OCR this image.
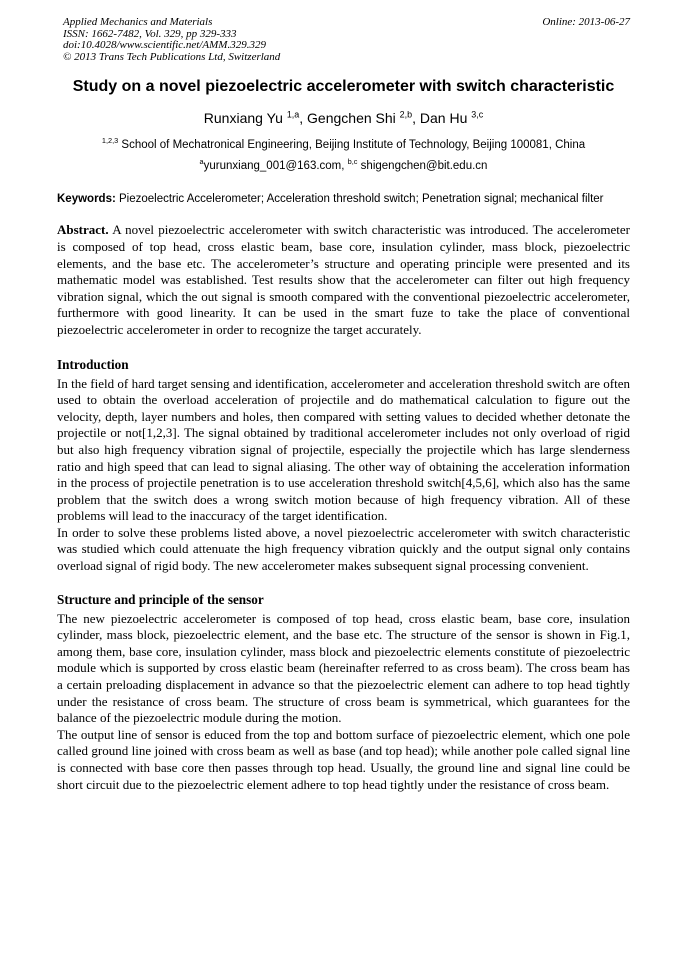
Applied Mechanics and Materials
ISSN: 1662-7482, Vol. 329, pp 329-333
doi:10.4028/www.scientific.net/AMM.329.329
© 2013 Trans Tech Publications Ltd, Switzerland
Online: 2013-06-27
Study on a novel piezoelectric accelerometer with switch characteristic
Runxiang Yu $^{1,a}$, Gengchen Shi $^{2,b}$, Dan Hu $^{3,c}$
$^{1,2,3}$ School of Mechatronical Engineering, Beijing Institute of Technology, Beijing 100081, China
$^a$yurunxiang_001@163.com, $^{b,c}$ shigengchen@bit.edu.cn

Keywords: Piezoelectric Accelerometer; Acceleration threshold switch; Penetration signal; mechanical filter

Abstract. A novel piezoelectric accelerometer with switch characteristic was introduced. The accelerometer is composed of top head, cross elastic beam, base core, insulation cylinder, mass block, piezoelectric elements, and the base etc. The accelerometer’s structure and operating principle were presented and its mathematic model was established. Test results show that the accelerometer can filter out high frequency vibration signal, which the out signal is smooth compared with the conventional piezoelectric accelerometer, furthermore with good linearity. It can be used in the smart fuze to take the place of conventional piezoelectric accelerometer in order to recognize the target accurately.

Introduction

In the field of hard target sensing and identification, accelerometer and acceleration threshold switch are often used to obtain the overload acceleration of projectile and do mathematical calculation to figure out the velocity, depth, layer numbers and holes, then compared with setting values to decided whether detonate the projectile or not[1,2,3]. The signal obtained by traditional accelerometer includes not only overload of rigid but also high frequency vibration signal of projectile, especially the projectile which has large slenderness ratio and high speed that can lead to signal aliasing. The other way of obtaining the acceleration information in the process of projectile penetration is to use acceleration threshold switch[4,5,6], which also has the same problem that the switch does a wrong switch motion because of high frequency vibration. All of these problems will lead to the inaccuracy of the target identification.

In order to solve these problems listed above, a novel piezoelectric accelerometer with switch characteristic was studied which could attenuate the high frequency vibration quickly and the output signal only contains overload signal of rigid body. The new accelerometer makes subsequent signal processing convenient.

Structure and principle of the sensor

The new piezoelectric accelerometer is composed of top head, cross elastic beam, base core, insulation cylinder, mass block, piezoelectric element, and the base etc. The structure of the sensor is shown in Fig.1, among them, base core, insulation cylinder, mass block and piezoelectric elements constitute of piezoelectric module which is supported by cross elastic beam (hereinafter referred to as cross beam). The cross beam has a certain preloading displacement in advance so that the piezoelectric element can adhere to top head tightly under the resistance of cross beam. The structure of cross beam is symmetrical, which guarantees for the balance of the piezoelectric module during the motion.

The output line of sensor is educed from the top and bottom surface of piezoelectric element, which one pole called ground line joined with cross beam as well as base (and top head); while another pole called signal line is connected with base core then passes through top head. Usually, the ground line and signal line could be short circuit due to the piezoelectric element adhere to top head tightly under the resistance of cross beam.
